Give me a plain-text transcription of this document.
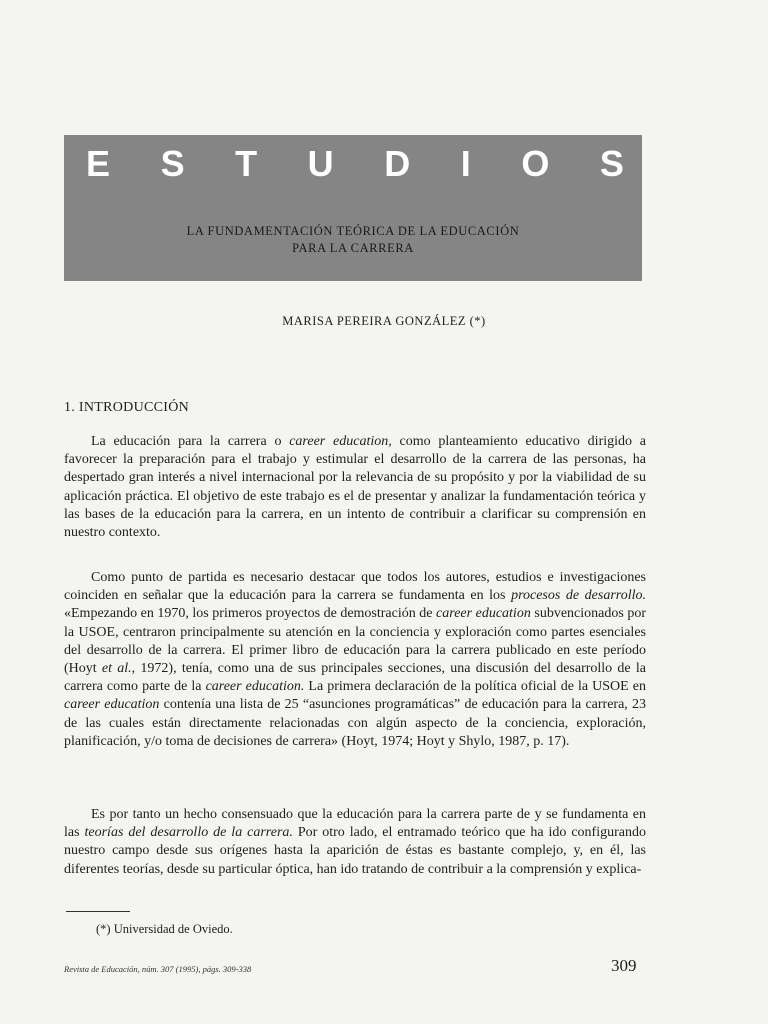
E S T U D I O S
LA FUNDAMENTACIÓN TEÓRICA DE LA EDUCACIÓN
PARA LA CARRERA
MARISA PEREIRA GONZÁLEZ (*)
1. INTRODUCCIÓN

La educación para la carrera o career education, como planteamiento educativo dirigido a favorecer la preparación para el trabajo y estimular el desarrollo de la carrera de las personas, ha despertado gran interés a nivel internacional por la relevancia de su propósito y por la viabilidad de su aplicación práctica. El objetivo de este trabajo es el de presentar y analizar la fundamentación teórica y las bases de la educación para la carrera, en un intento de contribuir a clarificar su comprensión en nuestro contexto.

Como punto de partida es necesario destacar que todos los autores, estudios e investigaciones coinciden en señalar que la educación para la carrera se fundamenta en los procesos de desarrollo. «Empezando en 1970, los primeros proyectos de demostración de career education subvencionados por la USOE, centraron principalmente su atención en la conciencia y exploración como partes esenciales del desarrollo de la carrera. El primer libro de educación para la carrera publicado en este período (Hoyt et al., 1972), tenía, como una de sus principales secciones, una discusión del desarrollo de la carrera como parte de la career education. La primera declaración de la política oficial de la USOE en career education contenía una lista de 25 “asunciones programáticas” de educación para la carrera, 23 de las cuales están directamente relacionadas con algún aspecto de la conciencia, exploración, planificación, y/o toma de decisiones de carrera» (Hoyt, 1974; Hoyt y Shylo, 1987, p. 17).

Es por tanto un hecho consensuado que la educación para la carrera parte de y se fundamenta en las teorías del desarrollo de la carrera. Por otro lado, el entramado teórico que ha ido configurando nuestro campo desde sus orígenes hasta la aparición de éstas es bastante complejo, y, en él, las diferentes teorías, desde su particular óptica, han ido tratando de contribuir a la comprensión y explica-

(*) Universidad de Oviedo.
Revista de Educación, núm. 307 (1995), págs. 309-338	309
